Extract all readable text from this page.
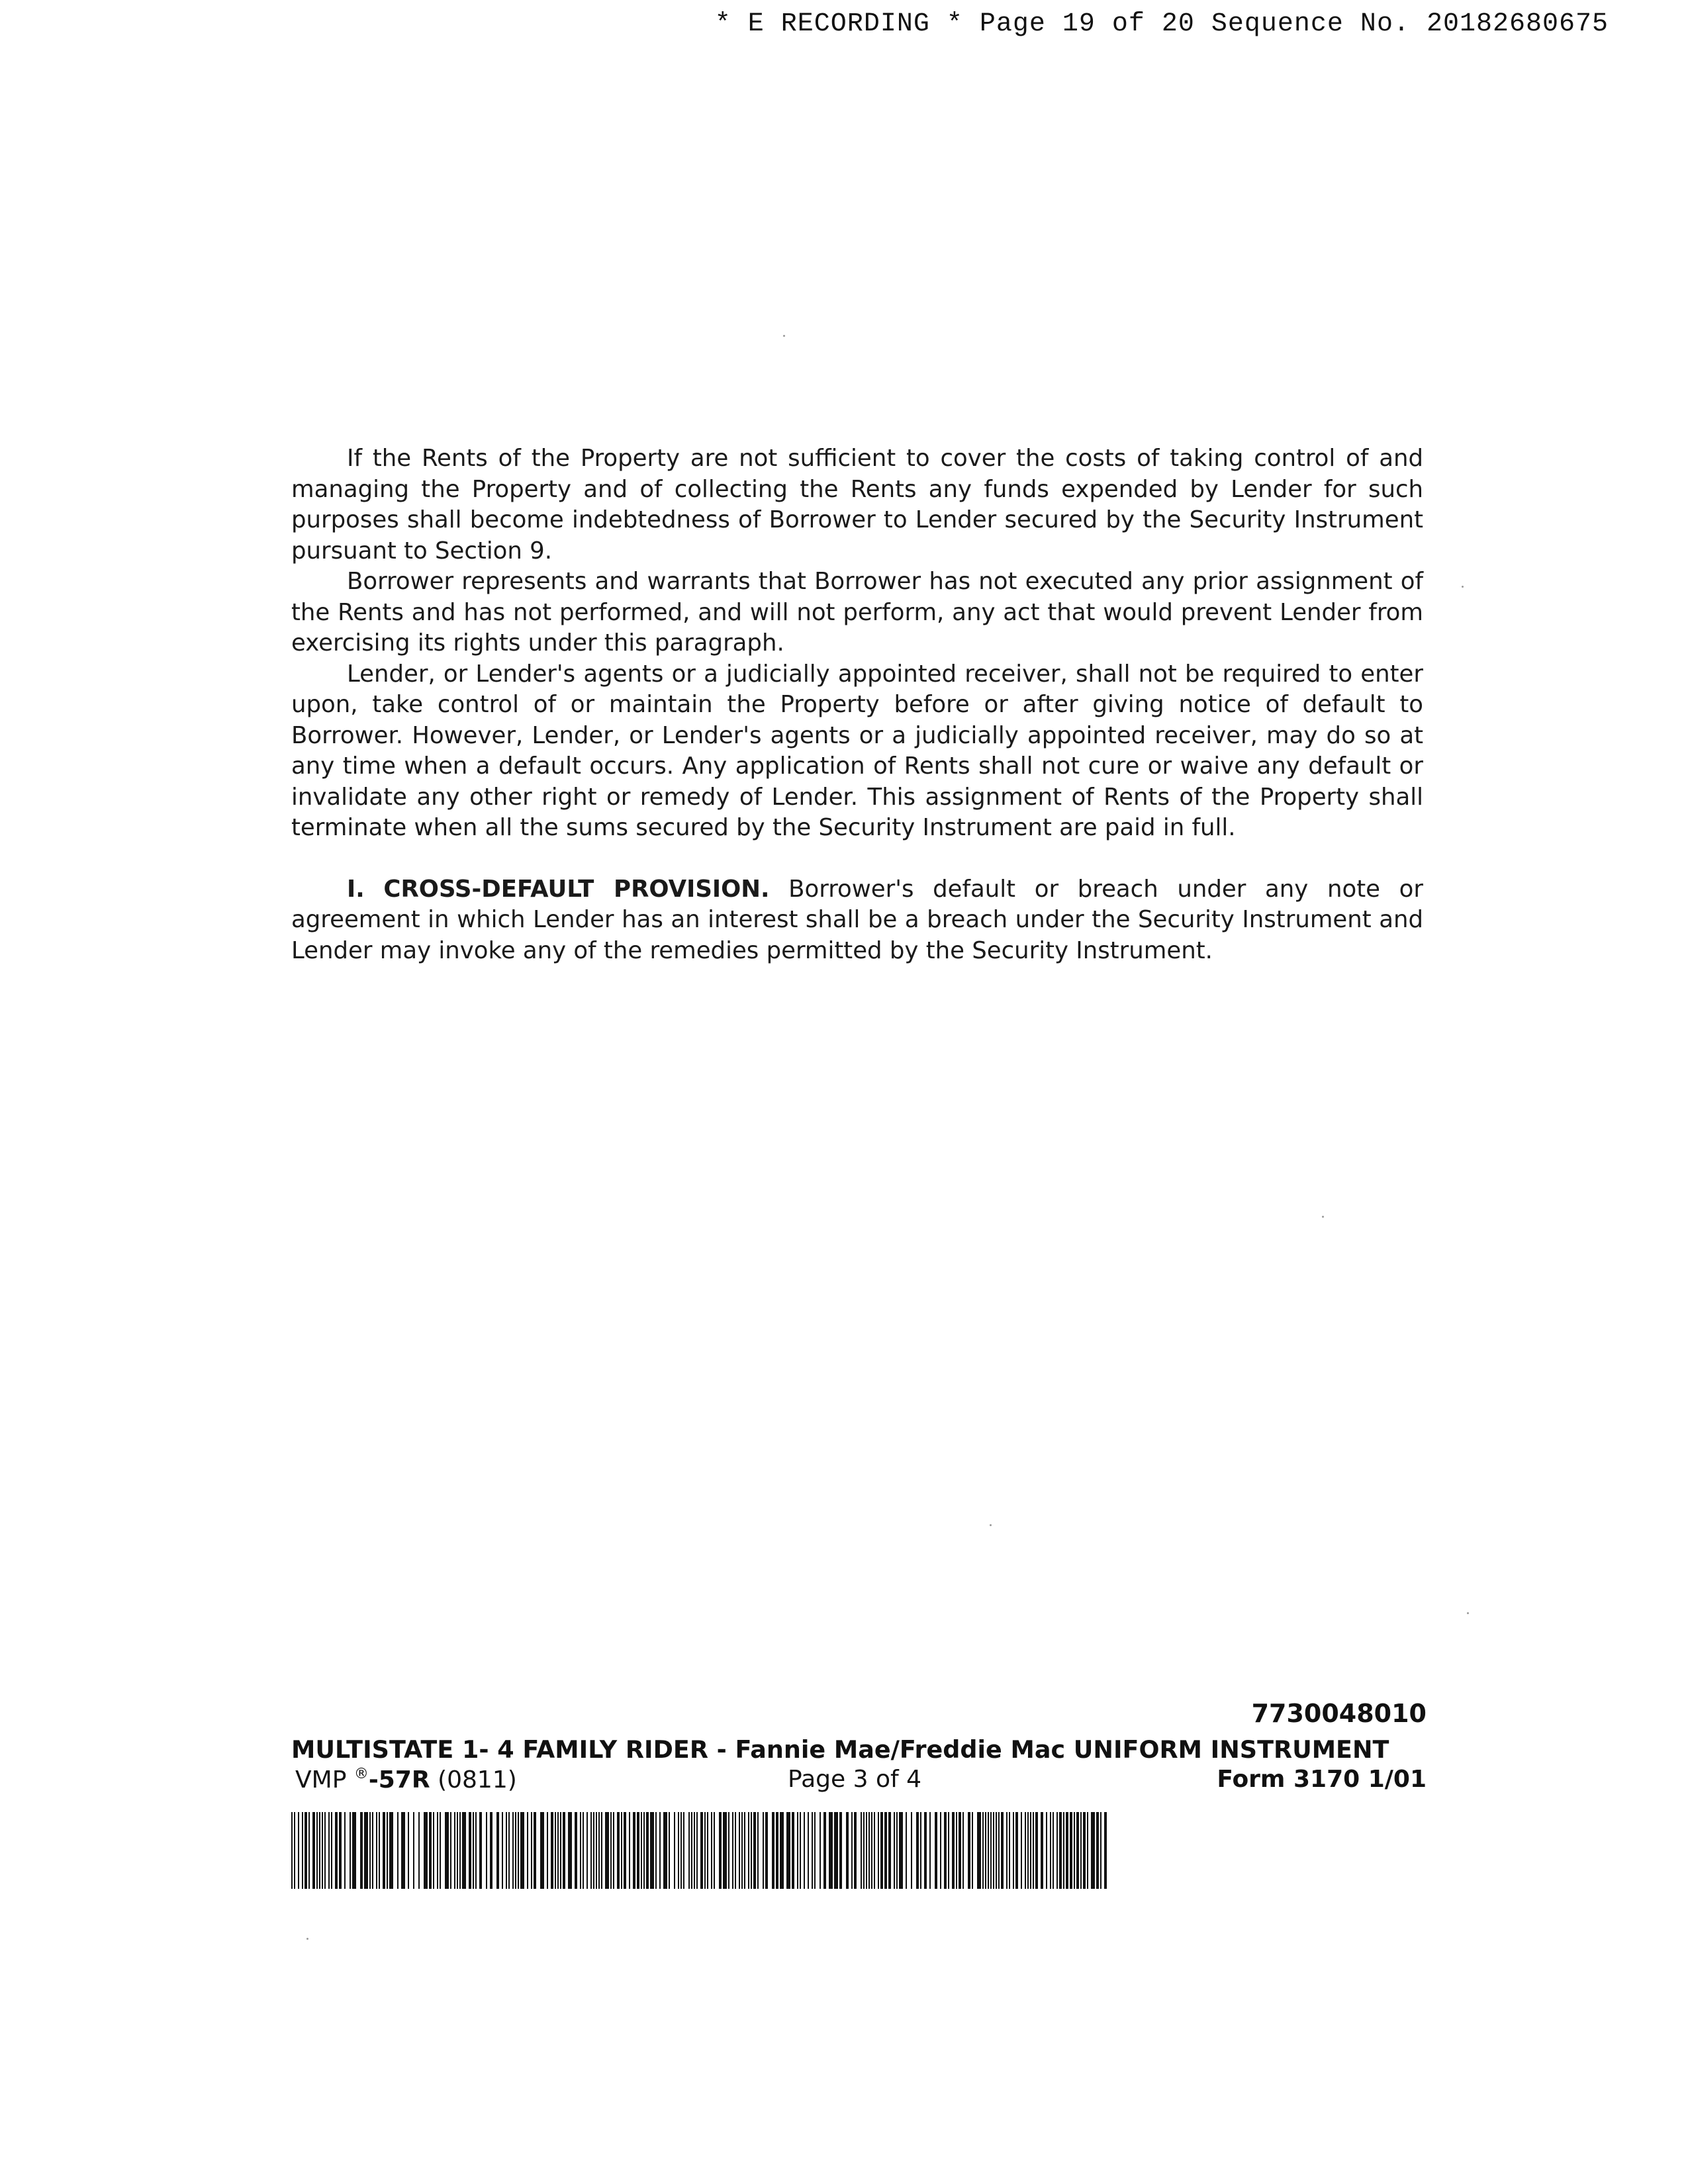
* E RECORDING * Page 19 of 20 Sequence No. 20182680675

If the Rents of the Property are not sufficient to cover the costs of taking control of and managing the Property and of collecting the Rents any funds expended by Lender for such purposes shall become indebtedness of Borrower to Lender secured by the Security Instrument pursuant to Section 9.

Borrower represents and warrants that Borrower has not executed any prior assignment of the Rents and has not performed, and will not perform, any act that would prevent Lender from exercising its rights under this paragraph.

Lender, or Lender's agents or a judicially appointed receiver, shall not be required to enter upon, take control of or maintain the Property before or after giving notice of default to Borrower. However, Lender, or Lender's agents or a judicially appointed receiver, may do so at any time when a default occurs. Any application of Rents shall not cure or waive any default or invalidate any other right or remedy of Lender. This assignment of Rents of the Property shall terminate when all the sums secured by the Security Instrument are paid in full.

I. CROSS-DEFAULT PROVISION. Borrower's default or breach under any note or agreement in which Lender has an interest shall be a breach under the Security Instrument and Lender may invoke any of the remedies permitted by the Security Instrument.

7730048010
MULTISTATE 1- 4 FAMILY RIDER - Fannie Mae/Freddie Mac UNIFORM INSTRUMENT
VMP ®-57R (0811)	Page 3 of 4	Form 3170 1/01
